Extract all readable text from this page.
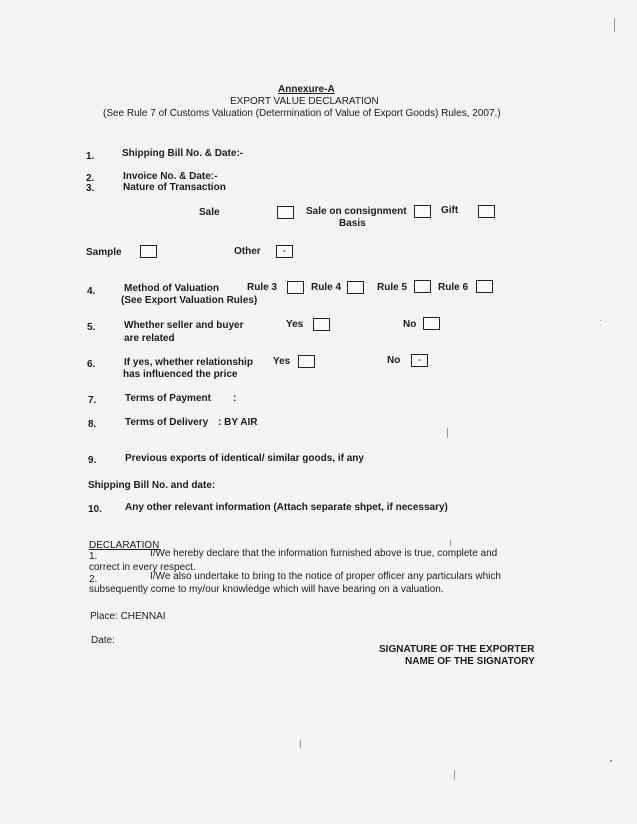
Annexure-A
EXPORT VALUE DECLARATION
(See Rule 7 of Customs Valuation (Determination of Value of Export Goods) Rules, 2007.)
1.	Shipping Bill No. & Date:-
2.	Invoice No. & Date:-
3.	Nature of Transaction
Sale	Sale on consignment
Basis
Gift
Sample	Other	-
4.	Method of Valuation
(See Export Valuation Rules)
Rule 3	Rule 4	Rule 5	Rule 6
5.	Whether seller and buyer
are related
Yes	No
6.	If yes, whether relationship
has influenced the price
Yes	No	-
7.	Terms of Payment :
8.	Terms of Delivery : BY AIR
9.	Previous exports of identical/ similar goods, if any
Shipping Bill No. and date:
10. Any other relevant information (Attach separate shpet, if necessary)
DECLARATION
1.	I/We hereby declare that the information furnished above is true, complete and
correct in every respect.
2.	I/We also undertake to bring to the notice of proper officer any particulars which
subsequently come to my/our knowledge which will have bearing on a valuation.
Place: CHENNAI
Date:
SIGNATURE OF THE EXPORTER
NAME OF THE SIGNATORY
